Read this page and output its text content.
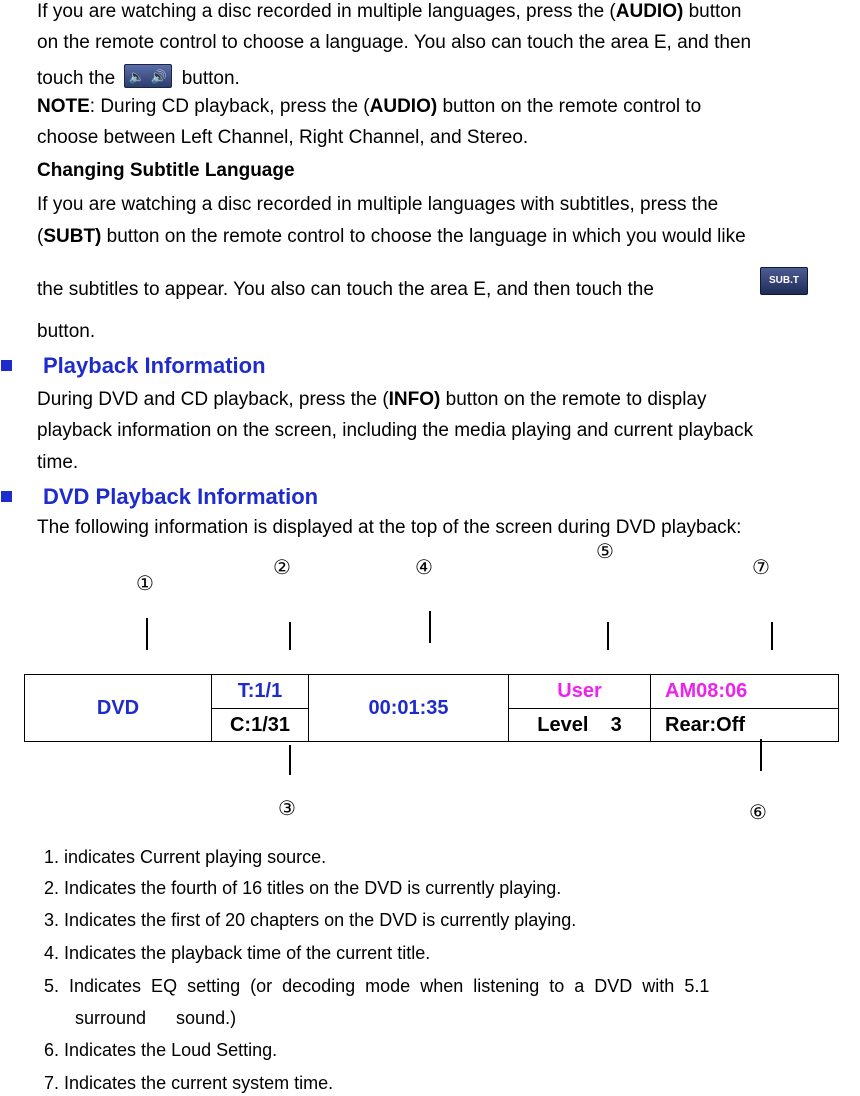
If you are watching a disc recorded in multiple languages, press the (AUDIO) button
on the remote control to choose a language. You also can touch the area E, and then
touch the 🔈 🔊 button.
NOTE: During CD playback, press the (AUDIO) button on the remote control to
choose between Left Channel, Right Channel, and Stereo.
Changing Subtitle Language
If you are watching a disc recorded in multiple languages with subtitles, press the
(SUBT) button on the remote control to choose the language in which you would like
the subtitles to appear. You also can touch the area E, and then touch the	SUB.T
button.
Playback Information
During DVD and CD playback, press the (INFO) button on the remote to display
playback information on the screen, including the media playing and current playback
time.
DVD Playback Information
The following information is displayed at the top of the screen during DVD playback:
①
②
③
④
⑤
⑥
⑦
DVD	T:1/1	00:01:35	User	AM08:06
	C:1/31		Level    3	Rear:Off
1. indicates Current playing source.
2. Indicates the fourth of 16 titles on the DVD is currently playing.
3. Indicates the first of 20 chapters on the DVD is currently playing.
4. Indicates the playback time of the current title.
5.  Indicates  EQ  setting  (or  decoding  mode  when  listening  to  a  DVD  with  5.1
surround      sound.)
6. Indicates the Loud Setting.
7. Indicates the current system time.
